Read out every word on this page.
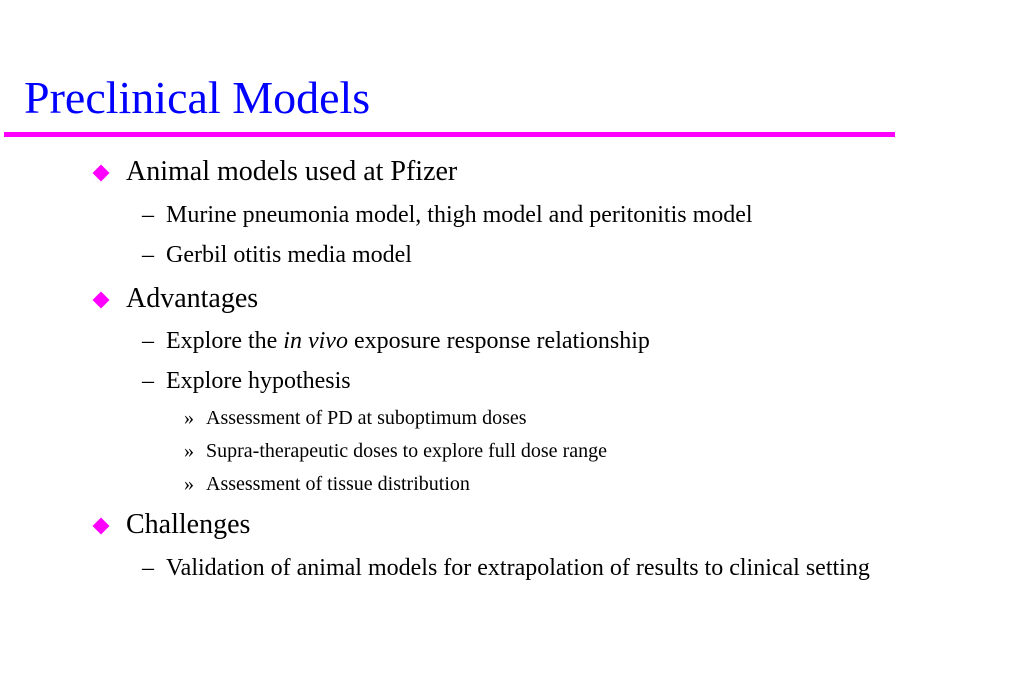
Preclinical Models
Animal models used at Pfizer
– Murine pneumonia model, thigh model and peritonitis model
– Gerbil otitis media model
Advantages
– Explore the in vivo exposure response relationship
– Explore hypothesis
» Assessment of PD at suboptimum doses
» Supra-therapeutic doses to explore full dose range
» Assessment of tissue distribution
Challenges
– Validation of animal models for extrapolation of results to clinical setting
